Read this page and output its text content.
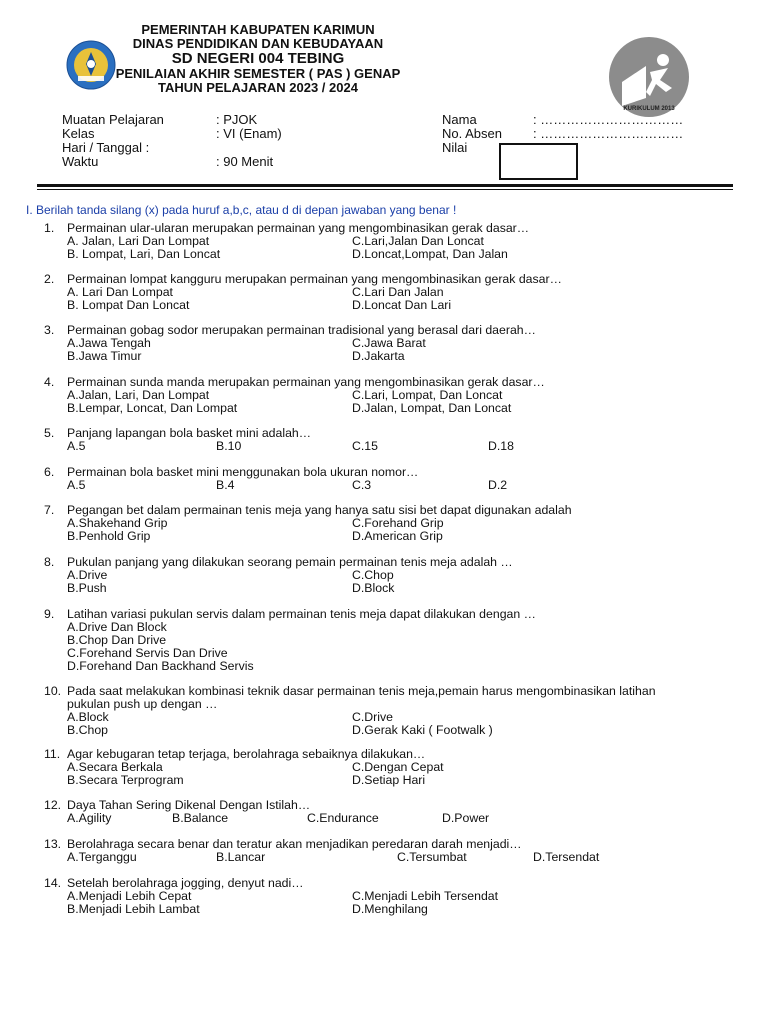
KURIKULUM 2013
PEMERINTAH KABUPATEN KARIMUN
DINAS PENDIDIKAN DAN KEBUDAYAAN
SD NEGERI 004 TEBING
PENILAIAN AKHIR SEMESTER ( PAS ) GENAP
TAHUN PELAJARAN 2023 / 2024
Muatan Pelajaran	: PJOK
Kelas	: VI (Enam)
Hari / Tanggal :
Waktu	: 90 Menit
Nama	: ……………………………
No. Absen : ……………………………
Nilai
I. Berilah tanda silang (x) pada huruf a,b,c, atau d di depan jawaban yang benar !
1. Permainan ular-ularan merupakan permainan yang mengombinasikan gerak dasar…
A. Jalan, Lari Dan Lompat	C.Lari,Jalan Dan Loncat
B. Lompat, Lari, Dan Loncat	D.Loncat,Lompat, Dan Jalan
2. Permainan lompat kangguru merupakan permainan yang mengombinasikan gerak dasar…
A. Lari Dan Lompat	C.Lari Dan Jalan
B. Lompat Dan Loncat	D.Loncat Dan Lari
3. Permainan gobag sodor merupakan permainan tradisional yang berasal dari daerah…
A.Jawa Tengah	C.Jawa Barat
B.Jawa Timur	D.Jakarta
4. Permainan sunda manda merupakan permainan yang mengombinasikan gerak dasar…
A.Jalan, Lari, Dan Lompat	C.Lari, Lompat, Dan Loncat
B.Lempar, Loncat, Dan Lompat	D.Jalan, Lompat, Dan Loncat
5. Panjang lapangan bola basket mini adalah…
A.5	B.10	C.15	D.18
6. Permainan bola basket mini menggunakan bola ukuran nomor…
A.5	B.4	C.3	D.2
7. Pegangan bet dalam permainan tenis meja yang hanya satu sisi bet dapat digunakan adalah
A.Shakehand Grip	C.Forehand Grip
B.Penhold Grip	D.American Grip
8. Pukulan panjang yang dilakukan seorang pemain permainan tenis meja adalah …
A.Drive	C.Chop
B.Push	D.Block
9. Latihan variasi pukulan servis dalam permainan tenis meja dapat dilakukan dengan …
A.Drive Dan Block
B.Chop Dan Drive
C.Forehand Servis Dan Drive
D.Forehand Dan Backhand Servis
10. Pada saat melakukan kombinasi teknik dasar permainan tenis meja,pemain harus mengombinasikan latihan
pukulan push up dengan …
A.Block	C.Drive
B.Chop	D.Gerak Kaki ( Footwalk )
11. Agar kebugaran tetap terjaga, berolahraga sebaiknya dilakukan…
A.Secara Berkala	C.Dengan Cepat
B.Secara Terprogram	D.Setiap Hari
12. Daya Tahan Sering Dikenal Dengan Istilah…
A.Agility	B.Balance	C.Endurance	D.Power
13. Berolahraga secara benar dan teratur akan menjadikan peredaran darah menjadi…
A.Terganggu	B.Lancar	C.Tersumbat	D.Tersendat
14. Setelah berolahraga jogging, denyut nadi…
A.Menjadi Lebih Cepat	C.Menjadi Lebih Tersendat
B.Menjadi Lebih Lambat	D.Menghilang
